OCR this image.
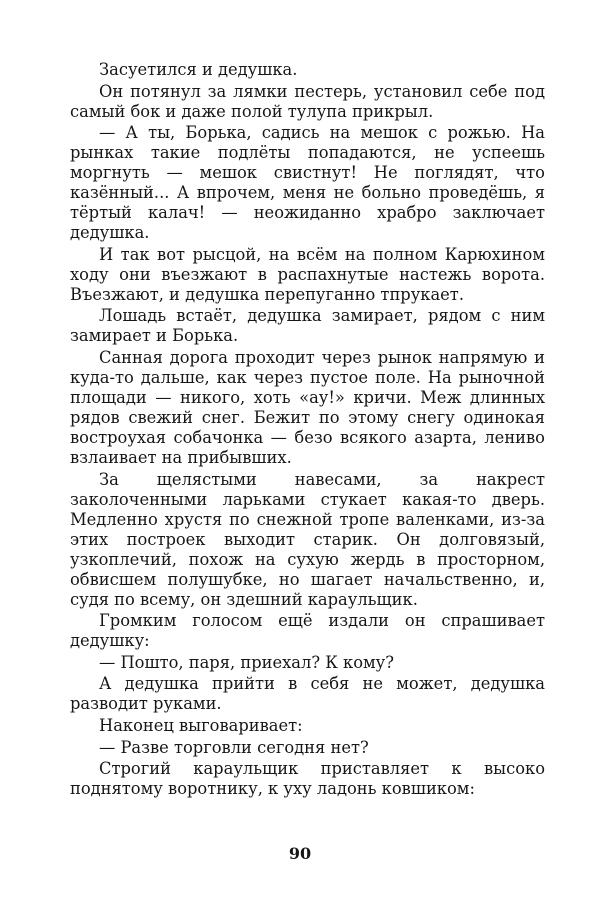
Засуетился и дедушка.

Он потянул за лямки пестерь, установил себе под самый бок и даже полой тулупа прикрыл.

— А ты, Борька, садись на мешок с рожью. На рынках такие подлёты попадаются, не успеешь моргнуть — мешок свистнут! Не поглядят, что казённый... А впрочем, меня не больно проведёшь, я тёртый калач! — неожиданно храбро заключает дедушка.

И так вот рысцой, на всём на полном Карюхином ходу они въезжают в распахнутые настежь ворота. Въезжают, и дедушка перепуганно тпрукает.

Лошадь встаёт, дедушка замирает, рядом с ним замирает и Борька.

Санная дорога проходит через рынок напрямую и куда-то дальше, как через пустое поле. На рыночной площади — никого, хоть «ау!» кричи. Меж длинных рядов свежий снег. Бежит по этому снегу одинокая востроухая собачонка — безо всякого азарта, лениво взлаивает на прибывших.

За щелястыми навесами, за накрест заколоченными ларьками стукает какая-то дверь. Медленно хрустя по снежной тропе валенками, из-за этих построек выходит старик. Он долговязый, узкоплечий, похож на сухую жердь в просторном, обвисшем полушубке, но шагает начальственно, и, судя по всему, он здешний караульщик.

Громким голосом ещё издали он спрашивает дедушку:

— Пошто, паря, приехал? К кому?

А дедушка прийти в себя не может, дедушка разводит руками.

Наконец выговаривает:

— Разве торговли сегодня нет?

Строгий караульщик приставляет к высоко поднятому воротнику, к уху ладонь ковшиком:

90
